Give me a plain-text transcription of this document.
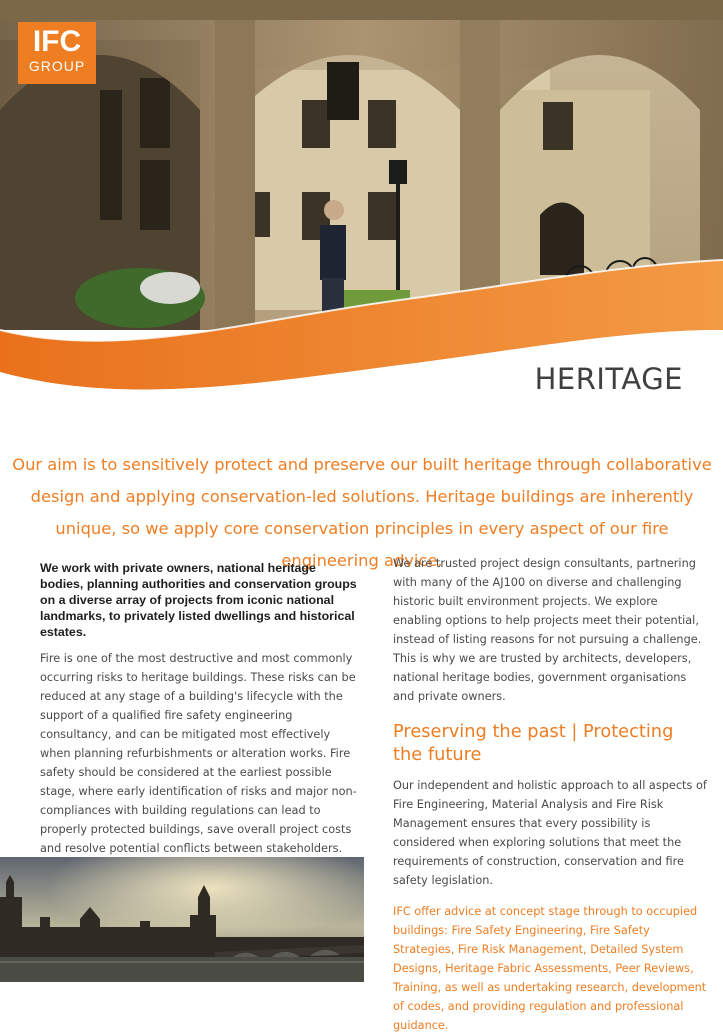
IFC
GROUP
HERITAGE
Our aim is to sensitively protect and preserve our built heritage through collaborative design and applying conservation-led solutions. Heritage buildings are inherently unique, so we apply core conservation principles in every aspect of our fire engineering advice.

We work with private owners, national heritage bodies, planning authorities and conservation groups on a diverse array of projects from iconic national landmarks, to privately listed dwellings and historical estates.

Fire is one of the most destructive and most commonly occurring risks to heritage buildings. These risks can be reduced at any stage of a building's lifecycle with the support of a qualified fire safety engineering consultancy, and can be mitigated most effectively when planning refurbishments or alteration works. Fire safety should be considered at the earliest possible stage, where early identification of risks and major non-compliances with building regulations can lead to properly protected buildings, save overall project costs and resolve potential conflicts between stakeholders.

We are trusted project design consultants, partnering with many of the AJ100 on diverse and challenging historic built environment projects. We explore enabling options to help projects meet their potential, instead of listing reasons for not pursuing a challenge. This is why we are trusted by architects, developers, national heritage bodies, government organisations and private owners.

Preserving the past | Protecting the future

Our independent and holistic approach to all aspects of Fire Engineering, Material Analysis and Fire Risk Management ensures that every possibility is considered when exploring solutions that meet the requirements of construction, conservation and fire safety legislation.

IFC offer advice at concept stage through to occupied buildings: Fire Safety Engineering, Fire Safety Strategies, Fire Risk Management, Detailed System Designs, Heritage Fabric Assessments, Peer Reviews, Training, as well as undertaking research, development of codes, and providing regulation and professional guidance.
